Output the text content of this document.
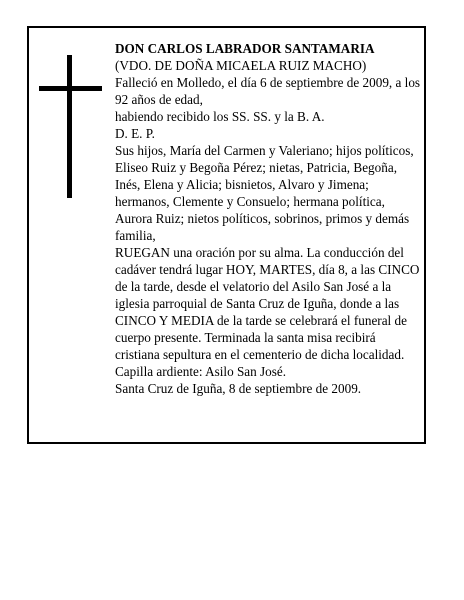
DON CARLOS LABRADOR SANTAMARIA

(VDO. DE DOÑA MICAELA RUIZ MACHO)

Falleció en Molledo, el día 6 de septiembre de 2009, a los 92 años de edad,

habiendo recibido los SS. SS. y la B. A.

D. E. P.

Sus hijos, María del Carmen y Valeriano; hijos políticos, Eliseo Ruiz y Begoña Pérez; nietas, Patricia, Begoña, Inés, Elena y Alicia; bisnietos, Alvaro y Jimena; hermanos, Clemente y Consuelo; hermana política, Aurora Ruiz; nietos políticos, sobrinos, primos y demás familia,

RUEGAN una oración por su alma. La conducción del cadáver tendrá lugar HOY, MARTES, día 8, a las CINCO de la tarde, desde el velatorio del Asilo San José a la iglesia parroquial de Santa Cruz de Iguña, donde a las CINCO Y MEDIA de la tarde se celebrará el funeral de cuerpo presente. Terminada la santa misa recibirá cristiana sepultura en el cementerio de dicha localidad. Capilla ardiente: Asilo San José.

Santa Cruz de Iguña, 8 de septiembre de 2009.
